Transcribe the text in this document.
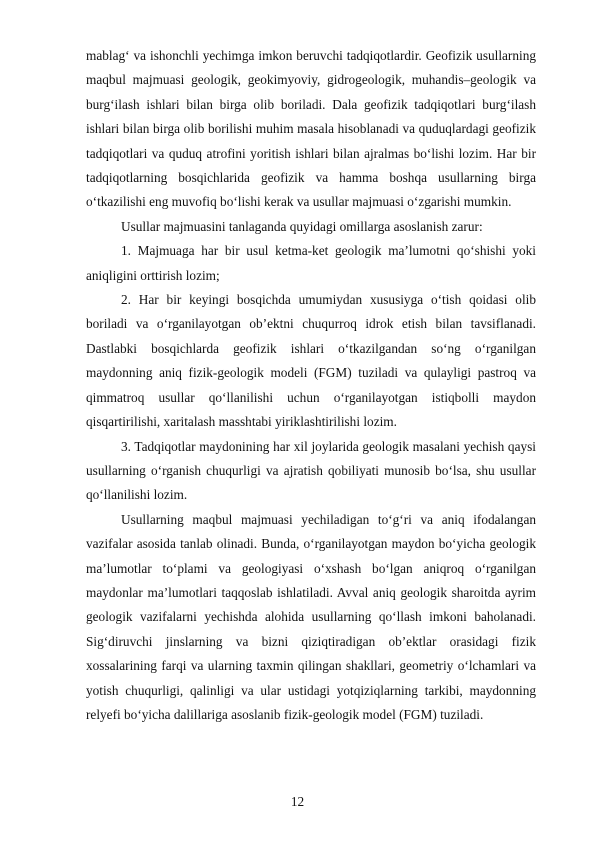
mablag‘ va ishonchli yechimga imkon beruvchi tadqiqotlardir. Geofizik usullarning maqbul majmuasi geologik, geokimyoviy, gidrogeologik, muhandis–geologik va burg‘ilash ishlari bilan birga olib boriladi. Dala geofizik tadqiqotlari burg‘ilash ishlari bilan birga olib borilishi muhim masala hisoblanadi va quduqlardagi geofizik tadqiqotlari va quduq atrofini yoritish ishlari bilan ajralmas bo‘lishi lozim. Har bir tadqiqotlarning bosqichlarida geofizik va hamma boshqa usullarning birga o‘tkazilishi eng muvofiq bo‘lishi kerak va usullar majmuasi o‘zgarishi mumkin.

Usullar majmuasini tanlaganda quyidagi omillarga asoslanish zarur:

1. Majmuaga har bir usul ketma-ket geologik ma’lumotni qo‘shishi yoki aniqligini orttirish lozim;

2. Har bir keyingi bosqichda umumiydan xususiyga o‘tish qoidasi olib boriladi va o‘rganilayotgan ob’ektni chuqurroq idrok etish bilan tavsiflanadi. Dastlabki bosqichlarda geofizik ishlari o‘tkazilgandan so‘ng o‘rganilgan maydonning aniq fizik-geologik modeli (FGM) tuziladi va qulayligi pastroq va qimmatroq usullar qo‘llanilishi uchun o‘rganilayotgan istiqbolli maydon qisqartirilishi, xaritalash masshtabi yiriklashtirilishi lozim.

3. Tadqiqotlar maydonining har xil joylarida geologik masalani yechish qaysi usullarning o‘rganish chuqurligi va ajratish qobiliyati munosib bo‘lsa, shu usullar qo‘llanilishi lozim.

Usullarning maqbul majmuasi yechiladigan to‘g‘ri va aniq ifodalangan vazifalar asosida tanlab olinadi. Bunda, o‘rganilayotgan maydon bo‘yicha geologik ma’lumotlar to‘plami va geologiyasi o‘xshash bo‘lgan aniqroq o‘rganilgan maydonlar ma’lumotlari taqqoslab ishlatiladi. Avval aniq geologik sharoitda ayrim geologik vazifalarni yechishda alohida usullarning qo‘llash imkoni baholanadi. Sig‘diruvchi jinslarning va bizni qiziqtiradigan ob’ektlar orasidagi fizik xossalarining farqi va ularning taxmin qilingan shakllari, geometriy o‘lchamlari va yotish chuqurligi, qalinligi va ular ustidagi yotqiziqlarning tarkibi, maydonning relyefi bo‘yicha dalillariga asoslanib fizik-geologik model (FGM) tuziladi.

12
